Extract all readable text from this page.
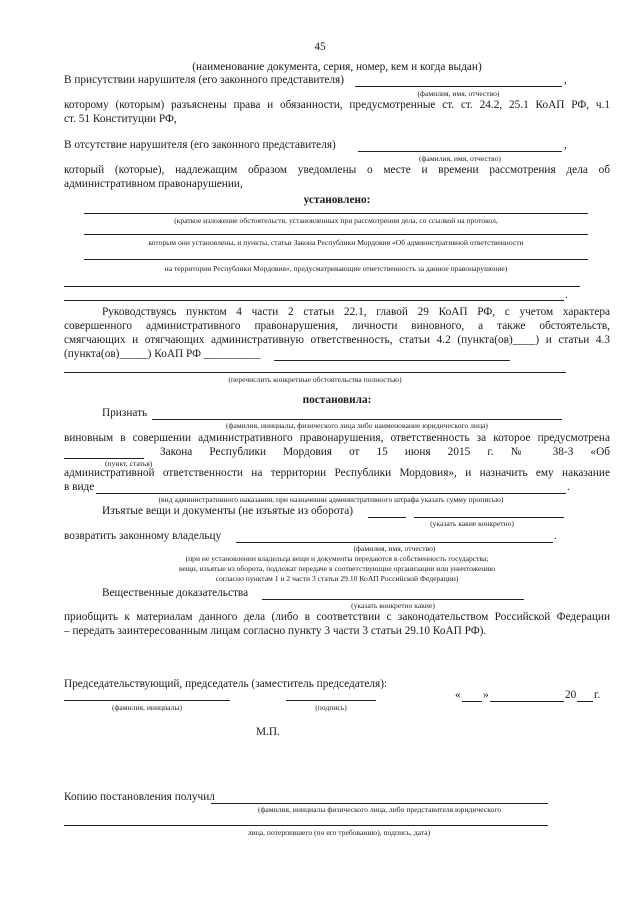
45
(наименование документа, серия, номер, кем и когда выдан)
В присутствии нарушителя (его законного представителя)	,
(фамилия, имя, отчество)
которому (которым) разъяснены права и обязанности, предусмотренные ст. ст. 24.2, 25.1 КоАП РФ, ч.1
ст. 51 Конституции РФ,
В отсутствие нарушителя (его законного представителя)	,
(фамилия, имя, отчество)
который (которые), надлежащим образом уведомлены о месте и времени рассмотрения дела об
административном правонарушении,
установлено:
(краткое изложение обстоятельств, установленных при рассмотрении дела, со ссылкой на протокол,
которым они установлены, и пункты, статьи Закона Республики Мордовия «Об административной ответственности
на территории Республики Мордовия», предусматривающие ответственность за данное правонарушение)
.
Руководствуясь пунктом 4 части 2 статьи 22.1, главой 29 КоАП РФ, с учетом характера
совершенного административного правонарушения, личности виновного, а также обстоятельств,
смягчающих и отягчающих административную ответственность, статьи 4.2 (пункта(ов)____) и статьи 4.3
(пункта(ов)_____) КоАП РФ __________
(перечислить конкретные обстоятельства полностью)
постановила:
Признать
(фамилия, инициалы, физического лица либо наименование юридического лица)
виновным в совершении административного правонарушения, ответственность за которое предусмотрена
Закона Республики Мордовия от 15 июня 2015 г. № 38-З «Об
(пункт, статья)
административной ответственности на территории Республики Мордовия», и назначить ему наказание
в виде	.
(вид административного наказания, при назначении административного штрафа указать сумму прописью)
Изъятые вещи и документы (не изъятые из оборота)
(указать какие конкретно)
возвратить законному владельцу	.
(фамилия, имя, отчество)
(при не установлении владельца вещи и документы передаются в собственность государства;
вещи, изъятые из оборота, подлежат передаче в соответствующие организации или уничтожению
согласно пунктам 1 и 2 части 3 статьи 29.10 КоАП Российской Федерации)
Вещественные доказательства
(указать конкретно какие)
приобщить к материалам данного дела (либо в соответствии с законодательством Российской Федерации
– передать заинтересованным лицам согласно пункту 3 части 3 статьи 29.10 КоАП РФ).
Председательствующий, председатель (заместитель председателя):
(фамилия, инициалы)	(подпись)
« »	20 г.
М.П.
Копию постановления получил
(фамилия, инициалы физического лица, либо представителя юридического
лица, потерпевшего (по его требованию), подпись, дата)
